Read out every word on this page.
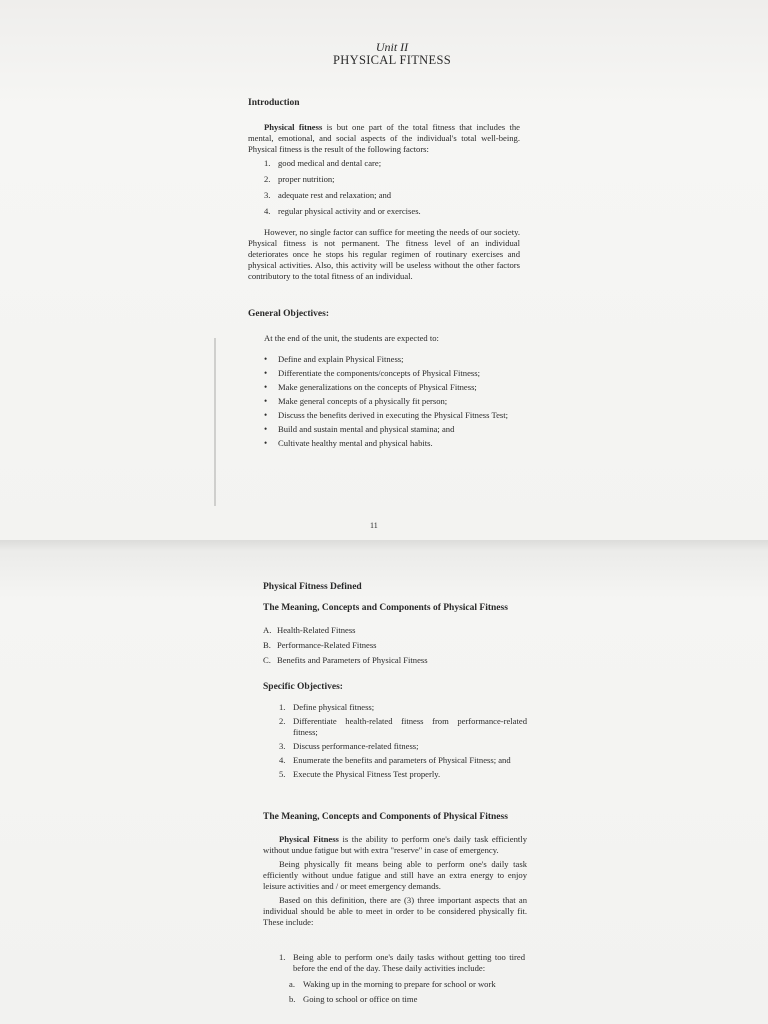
Unit II

PHYSICAL FITNESS

Introduction

Physical fitness is but one part of the total fitness that includes the mental, emotional, and social aspects of the individual's total well-being. Physical fitness is the result of the following factors:

1. good medical and dental care;
2. proper nutrition;
3. adequate rest and relaxation; and
4. regular physical activity and or exercises.

However, no single factor can suffice for meeting the needs of our society. Physical fitness is not permanent. The fitness level of an individual deteriorates once he stops his regular regimen of routinary exercises and physical activities. Also, this activity will be useless without the other factors contributory to the total fitness of an individual.

General Objectives:

At the end of the unit, the students are expected to:

• Define and explain Physical Fitness;
• Differentiate the components/concepts of Physical Fitness;
• Make generalizations on the concepts of Physical Fitness;
• Make general concepts of a physically fit person;
• Discuss the benefits derived in executing the Physical Fitness Test;
• Build and sustain mental and physical stamina; and
• Cultivate healthy mental and physical habits.
11
Physical Fitness Defined
The Meaning, Concepts and Components of Physical Fitness
A. Health-Related Fitness
B. Performance-Related Fitness
C. Benefits and Parameters of Physical Fitness
Specific Objectives:
1. Define physical fitness;
2. Differentiate health-related fitness from performance-related fitness;
3. Discuss performance-related fitness;
4. Enumerate the benefits and parameters of Physical Fitness; and
5. Execute the Physical Fitness Test properly.
The Meaning, Concepts and Components of Physical Fitness

Physical Fitness is the ability to perform one's daily task efficiently without undue fatigue but with extra "reserve" in case of emergency.

Being physically fit means being able to perform one's daily task efficiently without undue fatigue and still have an extra energy to enjoy leisure activities and / or meet emergency demands.

Based on this definition, there are (3) three important aspects that an individual should be able to meet in order to be considered physically fit. These include:

1. Being able to perform one's daily tasks without getting too tired before the end of the day. These daily activities include:
a. Waking up in the morning to prepare for school or work
b. Going to school or office on time
